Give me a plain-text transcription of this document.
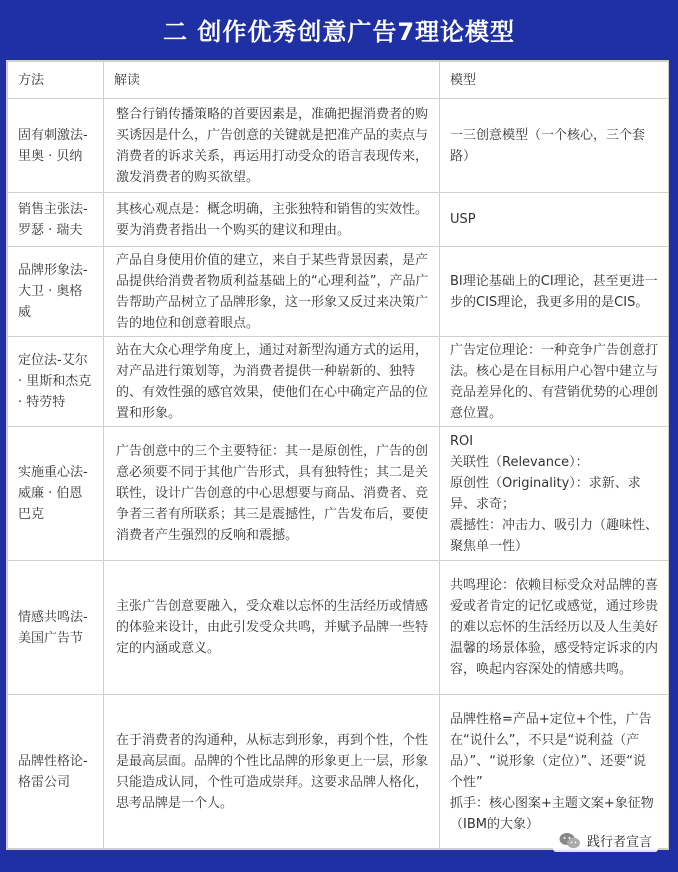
二 创作优秀创意广告7理论模型
方法	解读	模型
固有刺激法-里奥 · 贝纳	整合行销传播策略的首要因素是，准确把握消费者的购买诱因是什么，广告创意的关键就是把准产品的卖点与消费者的诉求关系，再运用打动受众的语言表现传来，激发消费者的购买欲望。	一三创意模型（一个核心，三个套路）

销售主张法-罗瑟 · 瑞夫	其核心观点是：概念明确，主张独特和销售的实效性。要为消费者指出一个购买的建议和理由。	USP

品牌形象法-大卫 · 奥格威	产品自身使用价值的建立，来自于某些背景因素，是产品提供给消费者物质利益基础上的“心理利益”，产品广告帮助产品树立了品牌形象，这一形象又反过来决策广告的地位和创意着眼点。	BI理论基础上的CI理论，甚至更进一步的CIS理论，我更多用的是CIS。

定位法-艾尔 · 里斯和杰克 · 特劳特	站在大众心理学角度上，通过对新型沟通方式的运用，对产品进行策划等，为消费者提供一种崭新的、独特的、有效性强的感官效果，使他们在心中确定产品的位置和形象。	广告定位理论：一种竞争广告创意打法。核心是在目标用户心智中建立与竞品差异化的、有营销优势的心理创意位置。

实施重心法-威廉 · 伯恩巴克	广告创意中的三个主要特征：其一是原创性，广告的创意必须要不同于其他广告形式，具有独特性；其二是关联性，设计广告创意的中心思想要与商品、消费者、竞争者三者有所联系；其三是震撼性，广告发布后，要使消费者产生强烈的反响和震撼。	ROI
关联性（Relevance）：
原创性（Originality）：求新、求异、求奇；
震撼性：冲击力、吸引力（趣味性、聚焦单一性）

情感共鸣法-美国广告节	主张广告创意要融入，受众难以忘怀的生活经历或情感的体验来设计，由此引发受众共鸣，并赋予品牌一些特定的内涵或意义。	共鸣理论：依赖目标受众对品牌的喜爱或者肯定的记忆或感觉，通过珍贵的难以忘怀的生活经历以及人生美好温馨的场景体验，感受特定诉求的内容，唤起内容深处的情感共鸣。

品牌性格论-格雷公司	在于消费者的沟通种，从标志到形象，再到个性，个性是最高层面。品牌的个性比品牌的形象更上一层，形象只能造成认同，个性可造成崇拜。这要求品牌人格化，思考品牌是一个人。	品牌性格=产品+定位+个性，广告在“说什么”，不只是“说利益（产品）”、“说形象（定位）”、还要“说个性”
抓手：核心图案+主题文案+象征物（IBM的大象）
践行者宣言
